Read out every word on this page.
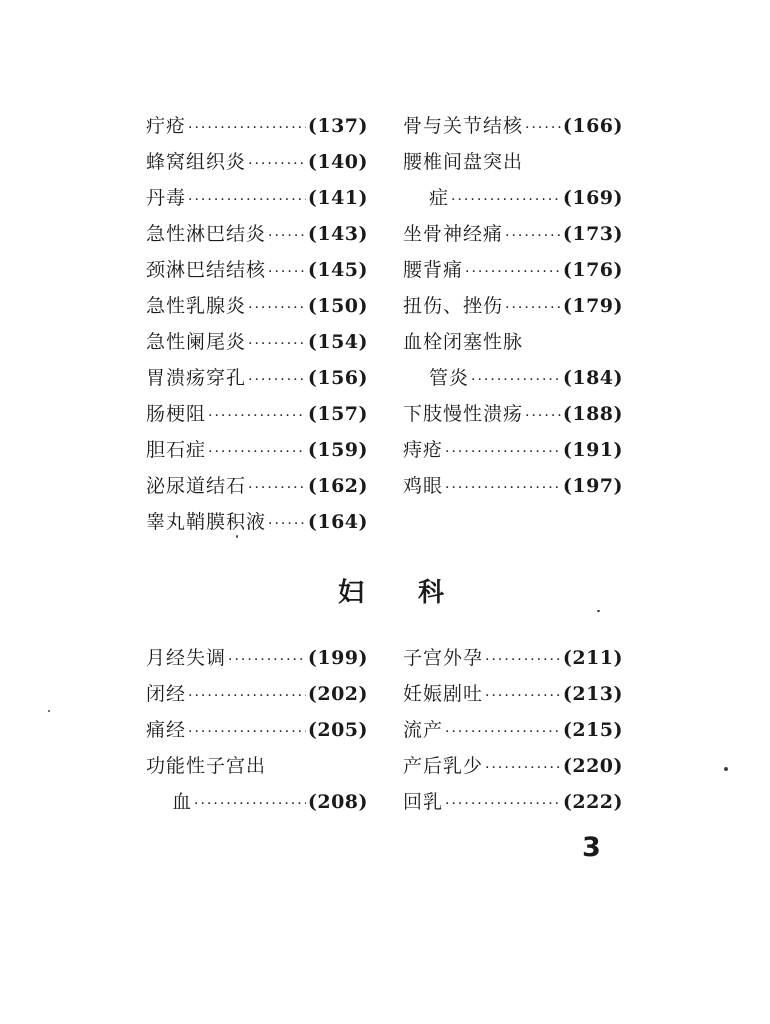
疔疮 ·····	(137)
蜂窝组织炎 ·····	(140)
丹毒 ·····	(141)
急性淋巴结炎 ····· (143)
颈淋巴结结核 ····· (145)
急性乳腺炎 ·····	(150)
急性阑尾炎 ·····	(154)
胃溃疡穿孔 ·····	(156)
肠梗阻 ·····	(157)
胆石症 ·····	(159)
泌尿道结石 ·····	(162)
睾丸鞘膜积液 ····· (164)
骨与关节结核 ····· (166)
腰椎间盘突出
症 ·····	(169)
坐骨神经痛 ·····	(173)
腰背痛 ·····	(176)
扭伤、挫伤 ·····	(179)
血栓闭塞性脉
管炎 ·····	(184)
下肢慢性溃疡 ····· (188)
痔疮 ·····	(191)
鸡眼 ·····	(197)
妇 科
月经失调 ·····	(199)
闭经 ·····	(202)
痛经 ·····	(205)
功能性子宫出
血 ·····	(208)
子宫外孕 ·····	(211)
妊娠剧吐 ·····	(213)
流产 ·····	(215)
产后乳少 ·····	(220)
回乳 ·····	(222)
3
